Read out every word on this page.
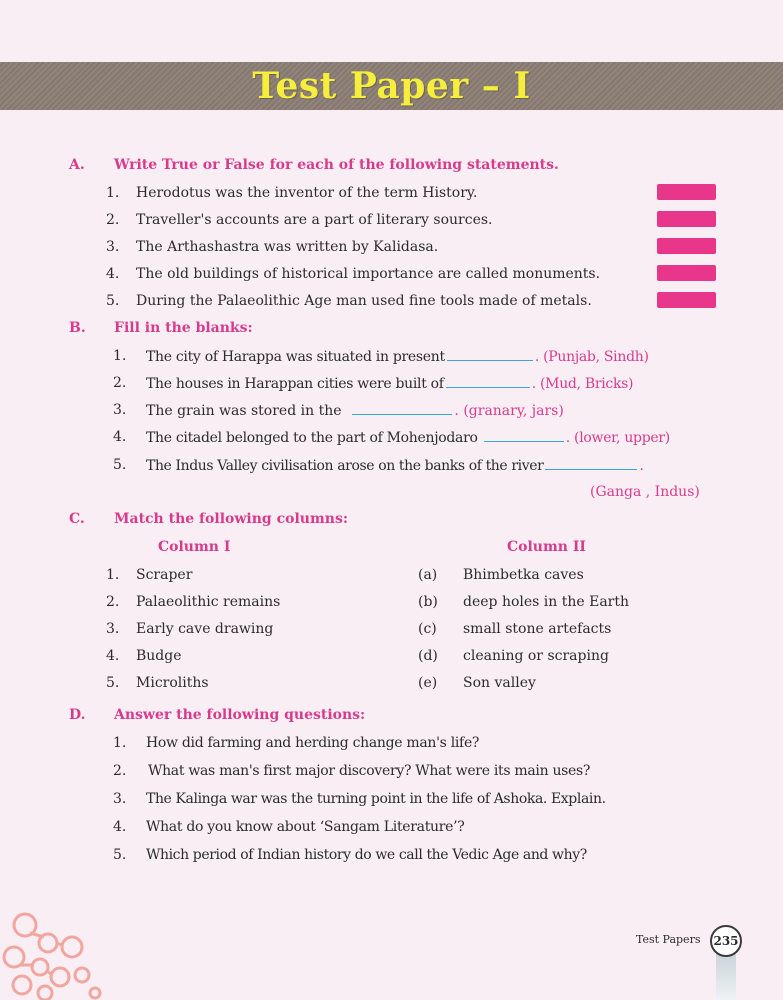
Test Paper – I
A. Write True or False for each of the following statements.
1. Herodotus was the inventor of the term History.
2. Traveller's accounts are a part of literary sources.
3. The Arthashastra was written by Kalidasa.
4. The old buildings of historical importance are called monuments.
5. During the Palaeolithic Age man used fine tools made of metals.
B. Fill in the blanks:
1. The city of Harappa was situated in present	. (Punjab, Sindh)
2. The houses in Harappan cities were built of	. (Mud, Bricks)
3. The grain was stored in the	. (granary, jars)
4. The citadel belonged to the part of Mohenjodaro	. (lower, upper)
5. The Indus Valley civilisation arose on the banks of the river	.
(Ganga , Indus)
C. Match the following columns:
Column I	Column II
1. Scraper	(a) Bhimbetka caves
2. Palaeolithic remains	(b) deep holes in the Earth
3. Early cave drawing	(c) small stone artefacts
4. Budge	(d) cleaning or scraping
5. Microliths	(e) Son valley
D. Answer the following questions:
1. How did farming and herding change man's life?
2. What was man's first major discovery? What were its main uses?
3. The Kalinga war was the turning point in the life of Ashoka. Explain.
4. What do you know about ‘Sangam Literature’?
5. Which period of Indian history do we call the Vedic Age and why?
Test Papers 235
